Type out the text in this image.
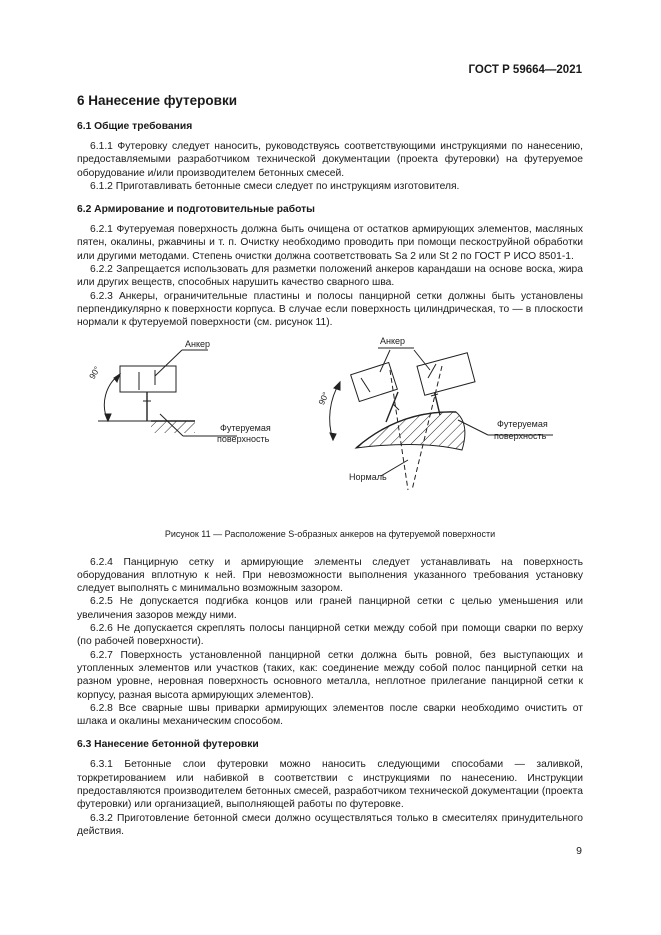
ГОСТ Р 59664—2021
6 Нанесение футеровки
6.1 Общие требования

6.1.1 Футеровку следует наносить, руководствуясь соответствующими инструкциями по нанесению, предоставляемыми разработчиком технической документации (проекта футеровки) на футеруемое оборудование и/или производителем бетонных смесей.

6.1.2 Приготавливать бетонные смеси следует по инструкциям изготовителя.

6.2 Армирование и подготовительные работы

6.2.1 Футеруемая поверхность должна быть очищена от остатков армирующих элементов, масляных пятен, окалины, ржавчины и т. п. Очистку необходимо проводить при помощи пескоструйной обработки или другими методами. Степень очистки должна соответствовать Sa 2 или St 2 по ГОСТ Р ИСО 8501-1.

6.2.2 Запрещается использовать для разметки положений анкеров карандаши на основе воска, жира или других веществ, способных нарушить качество сварного шва.

6.2.3 Анкеры, ограничительные пластины и полосы панцирной сетки должны быть установлены перпендикулярно к поверхности корпуса. В случае если поверхность цилиндрическая, то — в плоскости нормали к футеруемой поверхности (см. рисунок 11).

90°
Анкер
Футеруемая
поверхность
90°
Анкер
Футеруемая
поверхность
Нормаль
Рисунок 11 — Расположение S-образных анкеров на футеруемой поверхности

6.2.4 Панцирную сетку и армирующие элементы следует устанавливать на поверхность оборудования вплотную к ней. При невозможности выполнения указанного требования установку следует выполнять с минимально возможным зазором.

6.2.5 Не допускается подгибка концов или граней панцирной сетки с целью уменьшения или увеличения зазоров между ними.

6.2.6 Не допускается скреплять полосы панцирной сетки между собой при помощи сварки по верху (по рабочей поверхности).

6.2.7 Поверхность установленной панцирной сетки должна быть ровной, без выступающих и утопленных элементов или участков (таких, как: соединение между собой полос панцирной сетки на разном уровне, неровная поверхность основного металла, неплотное прилегание панцирной сетки к корпусу, разная высота армирующих элементов).

6.2.8 Все сварные швы приварки армирующих элементов после сварки необходимо очистить от шлака и окалины механическим способом.

6.3 Нанесение бетонной футеровки

6.3.1 Бетонные слои футеровки можно наносить следующими способами — заливкой, торкретированием или набивкой в соответствии с инструкциями по нанесению. Инструкции предоставляются производителем бетонных смесей, разработчиком технической документации (проекта футеровки) или организацией, выполняющей работы по футеровке.

6.3.2 Приготовление бетонной смеси должно осуществляться только в смесителях принудительного действия.

9
